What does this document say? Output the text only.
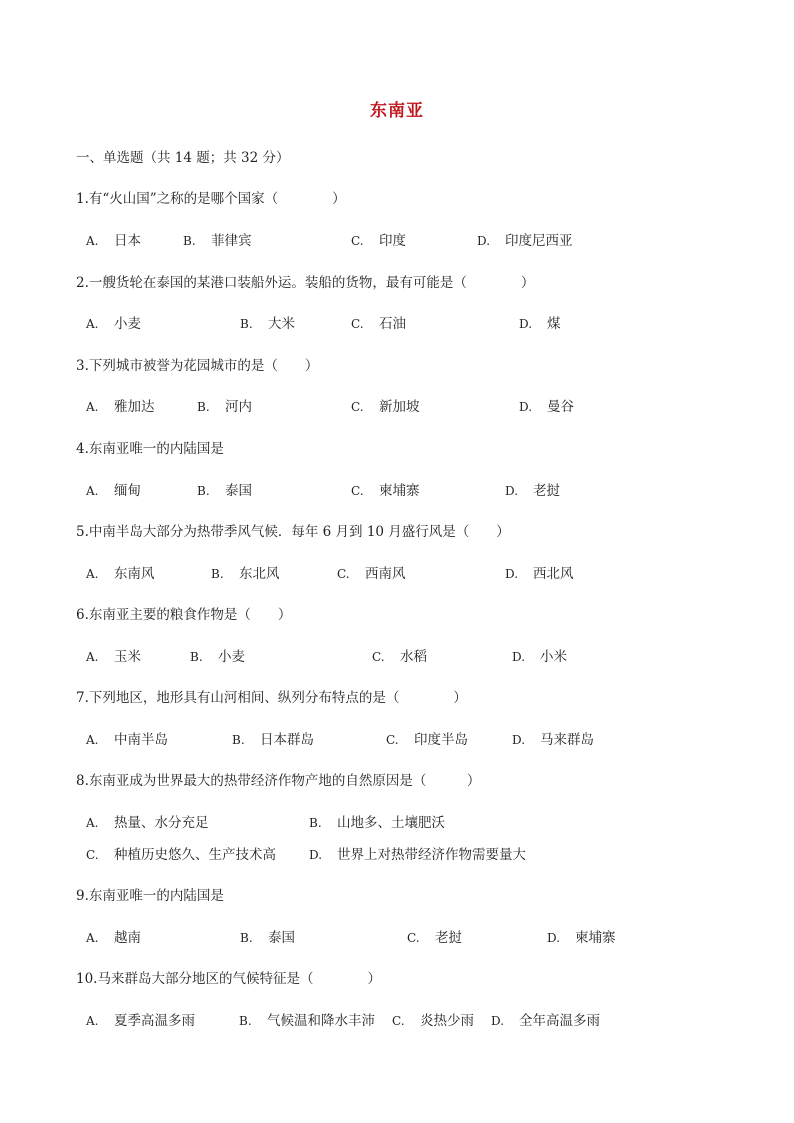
东南亚
一、单选题（共 14 题；共 32 分）
1.有“火山国”之称的是哪个国家（　　　　）
A. 日本	B. 菲律宾	C. 印度	D. 印度尼西亚
2.一艘货轮在泰国的某港口装船外运。装船的货物，最有可能是（　　　　）
A. 小麦	B. 大米	C. 石油	D. 煤
3.下列城市被誉为花园城市的是（　　）
A. 雅加达	B. 河内	C. 新加坡	D. 曼谷
4.东南亚唯一的内陆国是
A. 缅甸	B. 泰国	C. 柬埔寨	D. 老挝
5.中南半岛大部分为热带季风气候．每年 6 月到 10 月盛行风是（　　）
A. 东南风	B. 东北风	C. 西南风	D. 西北风
6.东南亚主要的粮食作物是（　　）
A. 玉米	B. 小麦	C. 水稻	D. 小米
7.下列地区，地形具有山河相间、纵列分布特点的是（　　　　）
A. 中南半岛	B. 日本群岛	C. 印度半岛	D. 马来群岛
8.东南亚成为世界最大的热带经济作物产地的自然原因是（　　　）
A. 热量、水分充足	B. 山地多、土壤肥沃
C. 种植历史悠久、生产技术高	D. 世界上对热带经济作物需要量大
9.东南亚唯一的内陆国是
A. 越南	B. 泰国	C. 老挝	D. 柬埔寨
10.马来群岛大部分地区的气候特征是（　　　　）
A. 夏季高温多雨	B. 气候温和降水丰沛 C. 炎热少雨 D. 全年高温多雨
